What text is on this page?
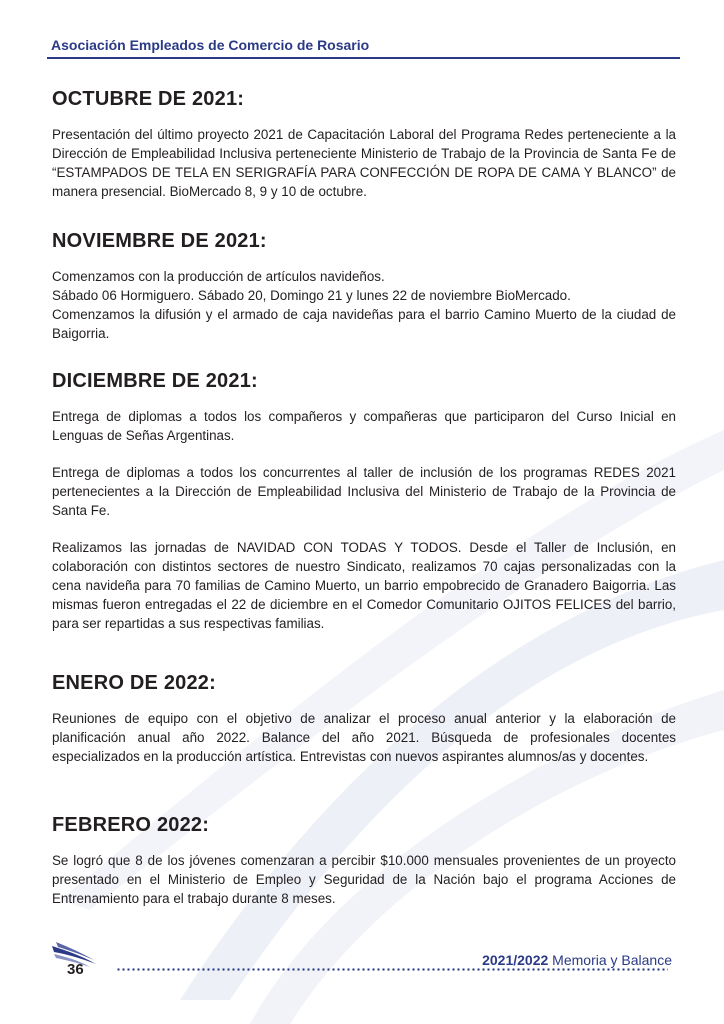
Asociación Empleados de Comercio de Rosario
OCTUBRE DE 2021:

Presentación del último proyecto 2021 de Capacitación Laboral del Programa Redes perteneciente a la Dirección de Empleabilidad Inclusiva perteneciente Ministerio de Trabajo de la Provincia de Santa Fe de “ESTAMPADOS DE TELA EN SERIGRAFÍA PARA CONFECCIÓN DE ROPA DE CAMA Y BLANCO” de manera presencial. BioMercado 8, 9 y 10 de octubre.

NOVIEMBRE DE 2021:

Comenzamos con la producción de artículos navideños.

Sábado 06 Hormiguero. Sábado 20, Domingo 21 y lunes 22 de noviembre BioMercado.

Comenzamos la difusión y el armado de caja navideñas para el barrio Camino Muerto de la ciudad de Baigorria.

DICIEMBRE DE 2021:

Entrega de diplomas a todos los compañeros y compañeras que participaron del Curso Inicial en Lenguas de Señas Argentinas.

Entrega de diplomas a todos los concurrentes al taller de inclusión de los programas REDES 2021 pertenecientes a la Dirección de Empleabilidad Inclusiva del Ministerio de Trabajo de la Provincia de Santa Fe.

Realizamos las jornadas de NAVIDAD CON TODAS Y TODOS. Desde el Taller de Inclusión, en colaboración con distintos sectores de nuestro Sindicato, realizamos 70 cajas personalizadas con la cena navideña para 70 familias de Camino Muerto, un barrio empobrecido de Granadero Baigorria. Las mismas fueron entregadas el 22 de diciembre en el Comedor Comunitario OJITOS FELICES del barrio, para ser repartidas a sus respectivas familias.

ENERO DE 2022:

Reuniones de equipo con el objetivo de analizar el proceso anual anterior y la elaboración de planificación anual año 2022. Balance del año 2021. Búsqueda de profesionales docentes especializados en la producción artística. Entrevistas con nuevos aspirantes alumnos/as y docentes.

FEBRERO 2022:

Se logró que 8 de los jóvenes comenzaran a percibir $10.000 mensuales provenientes de un proyecto presentado en el Ministerio de Empleo y Seguridad de la Nación bajo el programa Acciones de Entrenamiento para el trabajo durante 8 meses.

36
2021/2022 Memoria y Balance
